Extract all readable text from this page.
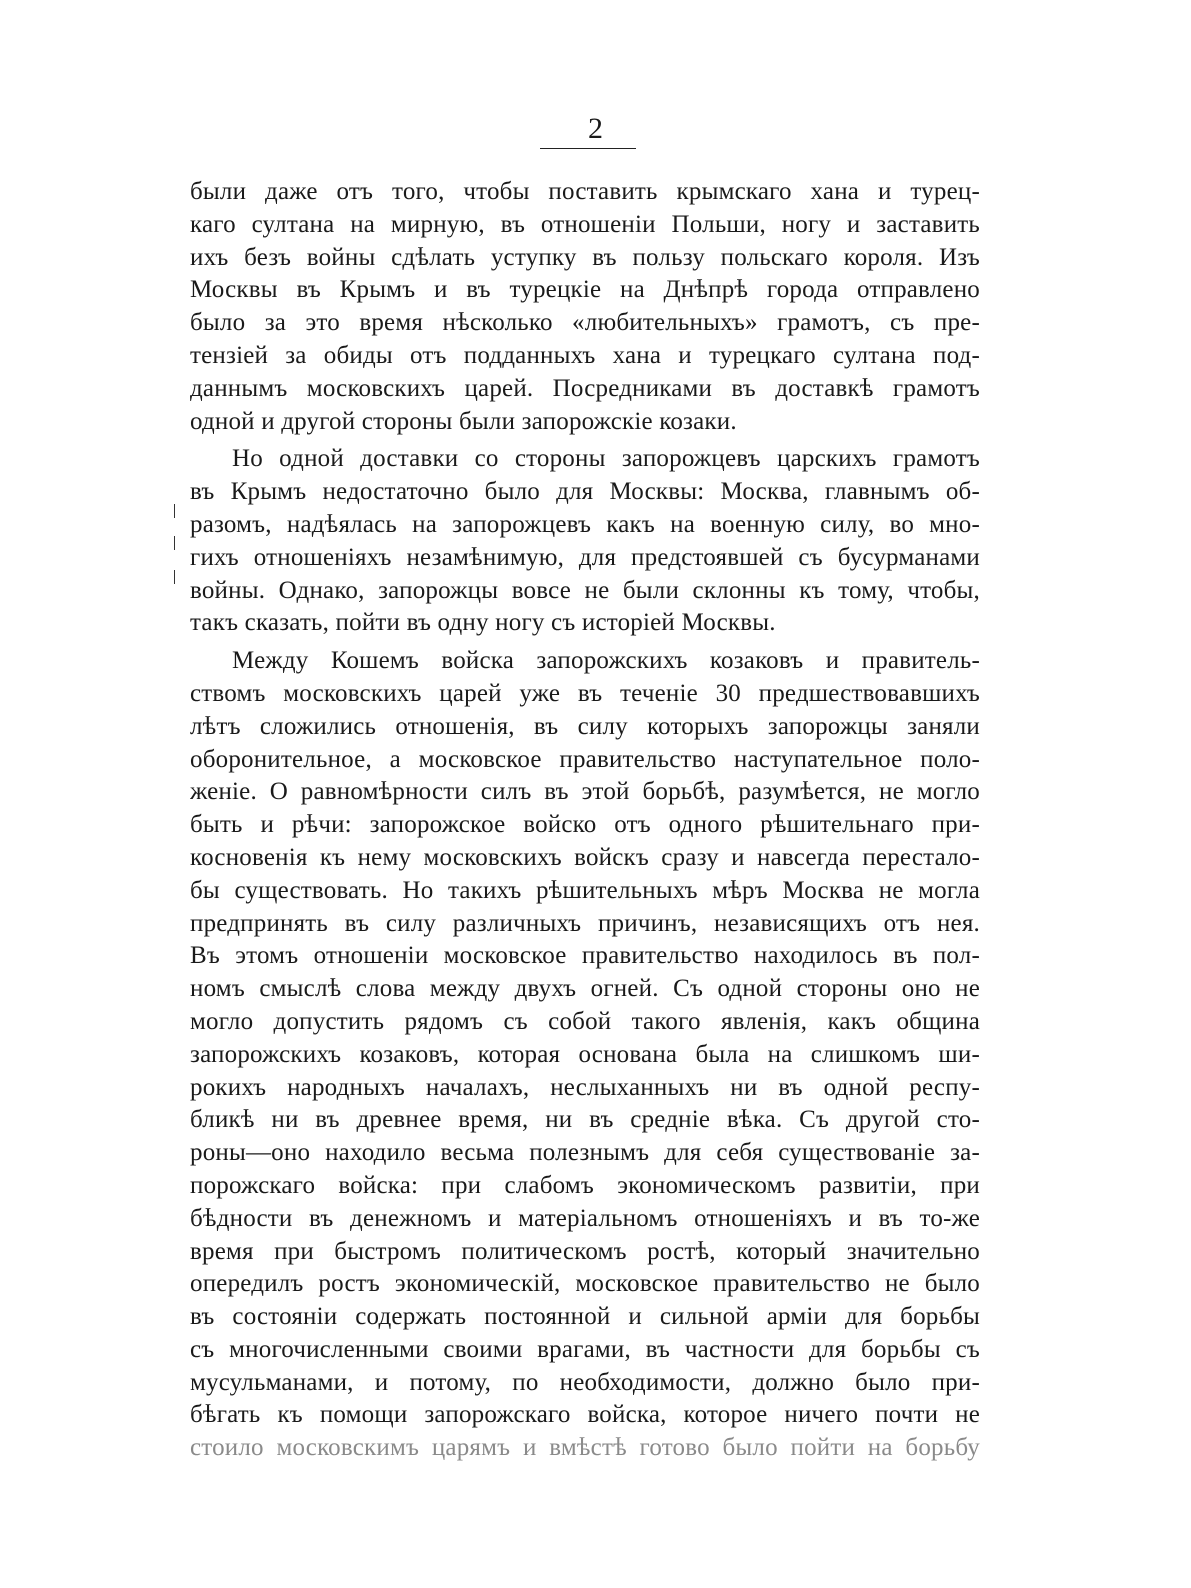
2
были даже отъ того, чтобы поставить крымскаго хана и турец-
каго султана на мирную, въ отношеніи Польши, ногу и заставить
ихъ безъ войны сдѣлать уступку въ пользу польскаго короля. Изъ
Москвы въ Крымъ и въ турецкіе на Днѣпрѣ города отправлено
было за это время нѣсколько «любительныхъ» грамотъ, съ пре-
тензіей за обиды отъ подданныхъ хана и турецкаго султана под-
даннымъ московскихъ царей. Посредниками въ доставкѣ грамотъ
одной и другой стороны были запорожскіе козаки.
Но одной доставки со стороны запорожцевъ царскихъ грамотъ
въ Крымъ недостаточно было для Москвы: Москва, главнымъ об-
разомъ, надѣялась на запорожцевъ какъ на военную силу, во мно-
гихъ отношеніяхъ незамѣнимую, для предстоявшей съ бусурманами
войны. Однако, запорожцы вовсе не были склонны къ тому, чтобы,
такъ сказать, пойти въ одну ногу съ исторіей Москвы.
Между Кошемъ войска запорожскихъ козаковъ и правитель-
ствомъ московскихъ царей уже въ теченіе 30 предшествовавшихъ
лѣтъ сложились отношенія, въ силу которыхъ запорожцы заняли
оборонительное, а московское правительство наступательное поло-
женіе. О равномѣрности силъ въ этой борьбѣ, разумѣется, не могло
быть и рѣчи: запорожское войско отъ одного рѣшительнаго при-
косновенія къ нему московскихъ войскъ сразу и навсегда перестало-
бы существовать. Но такихъ рѣшительныхъ мѣръ Москва не могла
предпринять въ силу различныхъ причинъ, независящихъ отъ нея.
Въ этомъ отношеніи московское правительство находилось въ пол-
номъ смыслѣ слова между двухъ огней. Съ одной стороны оно не
могло допустить рядомъ съ собой такого явленія, какъ община
запорожскихъ козаковъ, которая основана была на слишкомъ ши-
рокихъ народныхъ началахъ, неслыханныхъ ни въ одной респу-
бликѣ ни въ древнее время, ни въ средніе вѣка. Съ другой сто-
роны—оно находило весьма полезнымъ для себя существованіе за-
порожскаго войска: при слабомъ экономическомъ развитіи, при
бѣдности въ денежномъ и матеріальномъ отношеніяхъ и въ то-же
время при быстромъ политическомъ ростѣ, который значительно
опередилъ ростъ экономическій, московское правительство не было
въ состояніи содержать постоянной и сильной арміи для борьбы
съ многочисленными своими врагами, въ частности для борьбы съ
мусульманами, и потому, по необходимости, должно было при-
бѣгать къ помощи запорожскаго войска, которое ничего почти не
стоило московскимъ царямъ и вмѣстѣ готово было пойти на борьбу
